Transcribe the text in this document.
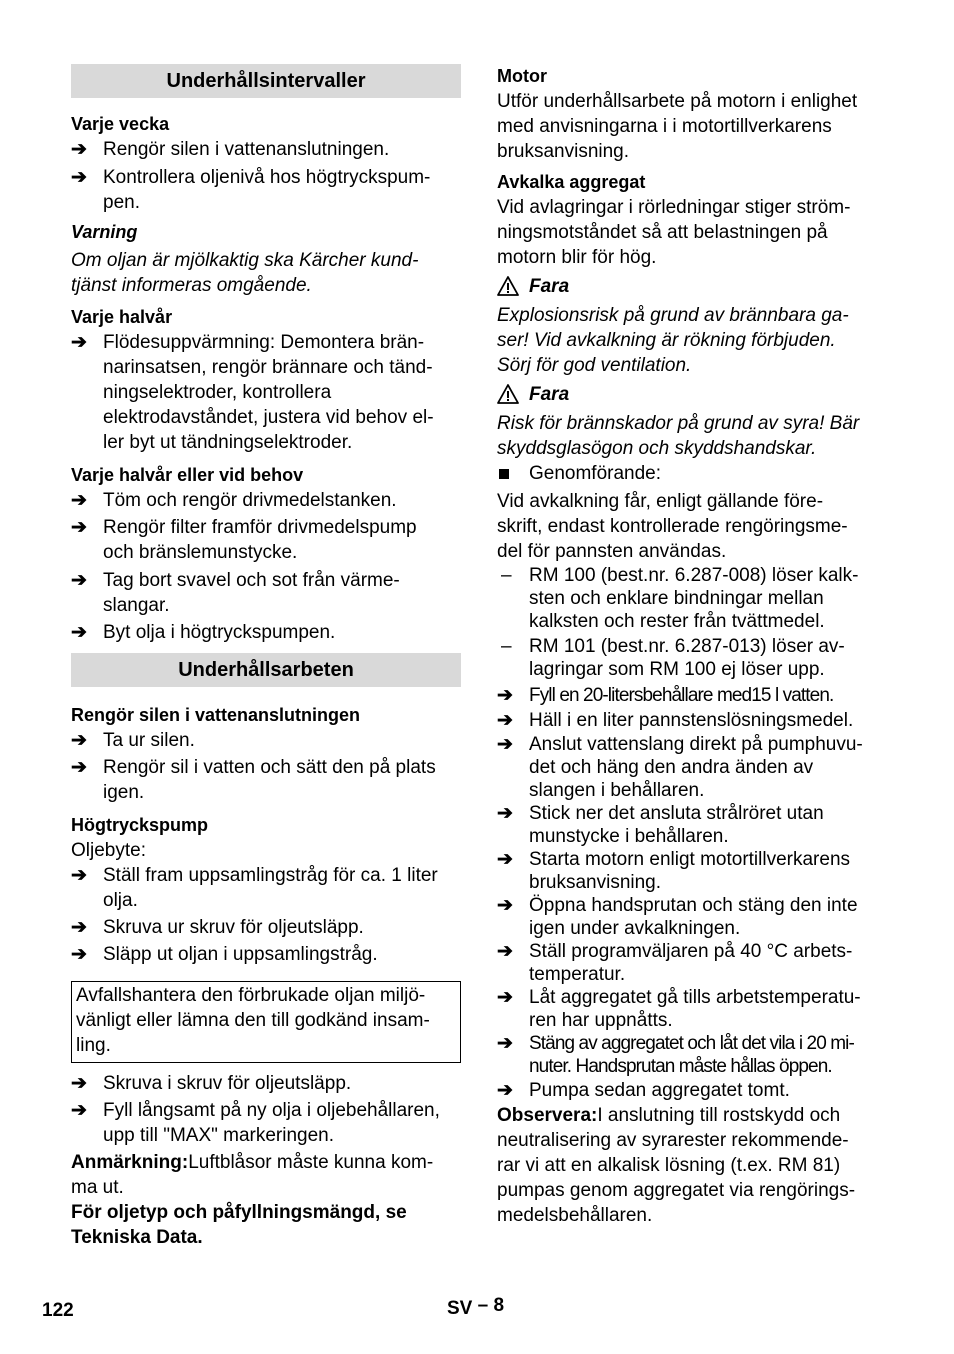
Underhållsintervaller
Varje vecka
➔ Rengör silen i vattenanslutningen.
➔ Kontrollera oljenivå hos högtryckspum-
pen.
Varning
Om oljan är mjölkaktig ska Kärcher kund-
tjänst informeras omgående.
Varje halvår
➔ Flödesuppvärmning: Demontera brän-
narinsatsen, rengör brännare och tänd-
ningselektroder, kontrollera
elektrodavståndet, justera vid behov el-
ler byt ut tändningselektroder.
Varje halvår eller vid behov
➔ Töm och rengör drivmedelstanken.
➔ Rengör filter framför drivmedelspump
och bränslemunstycke.
➔ Tag bort svavel och sot från värme-
slangar.
➔ Byt olja i högtryckspumpen.
Underhållsarbeten
Rengör silen i vattenanslutningen
➔ Ta ur silen.
➔ Rengör sil i vatten och sätt den på plats
igen.
Högtryckspump
Oljebyte:
➔ Ställ fram uppsamlingstråg för ca. 1 liter
olja.
➔ Skruva ur skruv för oljeutsläpp.
➔ Släpp ut oljan i uppsamlingstråg.
Avfallshantera den förbrukade oljan miljö-
vänligt eller lämna den till godkänd insam-
ling.
➔ Skruva i skruv för oljeutsläpp.
➔ Fyll långsamt på ny olja i oljebehållaren,
upp till "MAX" markeringen.
Anmärkning:Luftblåsor måste kunna kom-
ma ut.
För oljetyp och påfyllningsmängd, se
Tekniska Data.
Motor
Utför underhållsarbete på motorn i enlighet
med anvisningarna i i motortillverkarens
bruksanvisning.
Avkalka aggregat
Vid avlagringar i rörledningar stiger ström-
ningsmotståndet så att belastningen på
motorn blir för hög.
Fara
Explosionsrisk på grund av brännbara ga-
ser! Vid avkalkning är rökning förbjuden.
Sörj för god ventilation.
Fara
Risk för brännskador på grund av syra! Bär
skyddsglasögon och skyddshandskar.
Genomförande:
Vid avkalkning får, enligt gällande före-
skrift, endast kontrollerade rengöringsme-
del för pannsten användas.
– RM 100 (best.nr. 6.287-008) löser kalk-
sten och enklare bindningar mellan
kalksten och rester från tvättmedel.
– RM 101 (best.nr. 6.287-013) löser av-
lagringar som RM 100 ej löser upp.
➔ Fyll en 20-litersbehållare med15 l vatten.
➔ Häll i en liter pannstenslösningsmedel.
➔ Anslut vattenslang direkt på pumphuvu-
det och häng den andra änden av
slangen i behållaren.
➔ Stick ner det ansluta strålröret utan
munstycke i behållaren.
➔ Starta motorn enligt motortillverkarens
bruksanvisning.
➔ Öppna handsprutan och stäng den inte
igen under avkalkningen.
➔ Ställ programväljaren på 40 °C arbets-
temperatur.
➔ Låt aggregatet gå tills arbetstemperatu-
ren har uppnåtts.
➔ Stäng av aggregatet och låt det vila i 20 mi-
nuter. Handsprutan måste hållas öppen.
➔ Pumpa sedan aggregatet tomt.
Observera:I anslutning till rostskydd och
neutralisering av syrarester rekommende-
rar vi att en alkalisk lösning (t.ex. RM 81)
pumpas genom aggregatet via rengörings-
medelsbehållaren.
122	SV – 8
